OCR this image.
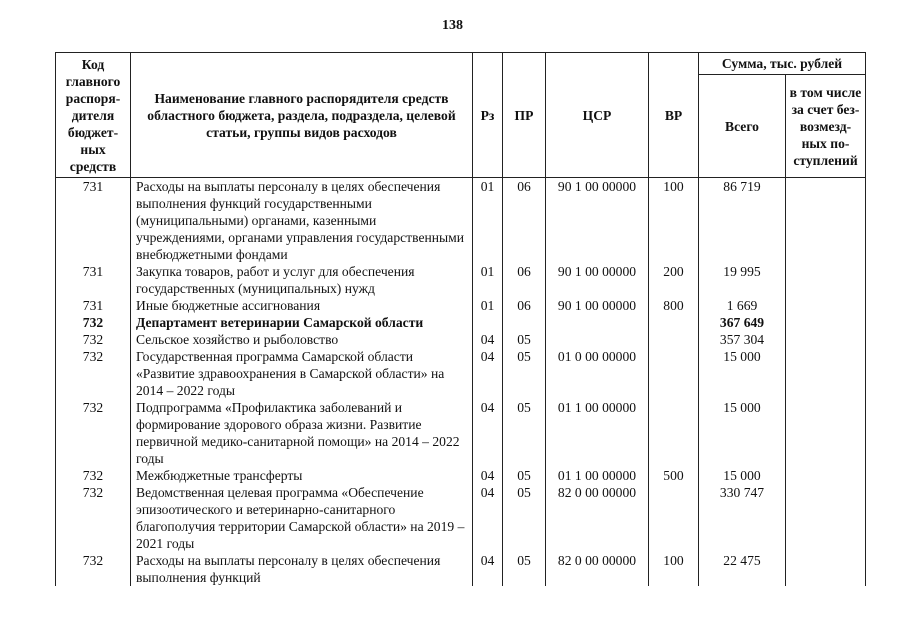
138
Код главного распоря-дителя бюджет-ных средств	Наименование главного распорядителя средств областного бюджета, раздела, подраздела, целевой статьи, группы видов расходов	Рз	ПР	ЦСР	ВР	Сумма, тыс. рублей	
						Всего	в том числе за счет без-возмезд-ных по-ступлений
731	Расходы на выплаты персоналу в целях обеспечения выполнения функций государственными (муниципальными) органами, казенными учреждениями, органами управления государственными внебюджетными фондами	01	06	90 1 00 00000	100	86 719	
731	Закупка товаров, работ и услуг для обеспечения государственных (муниципальных) нужд	01	06	90 1 00 00000	200	19 995	
731	Иные бюджетные ассигнования	01	06	90 1 00 00000	800	1 669	
732	Департамент ветеринарии Самарской области					367 649	
732	Сельское хозяйство и рыболовство	04	05			357 304	
732	Государственная программа Самарской области «Развитие здравоохранения в Самарской области» на 2014 – 2022 годы	04	05	01 0 00 00000		15 000	
732	Подпрограмма «Профилактика заболеваний и формирование здорового образа жизни. Развитие первичной медико-санитарной помощи» на 2014 – 2022 годы	04	05	01 1 00 00000		15 000	
732	Межбюджетные трансферты	04	05	01 1 00 00000	500	15 000	
732	Ведомственная целевая программа «Обеспечение эпизоотического и ветеринарно-санитарного благополучия территории Самарской области» на 2019 – 2021 годы	04	05	82 0 00 00000		330 747	
732	Расходы на выплаты персоналу в целях обеспечения выполнения функций	04	05	82 0 00 00000	100	22 475	
